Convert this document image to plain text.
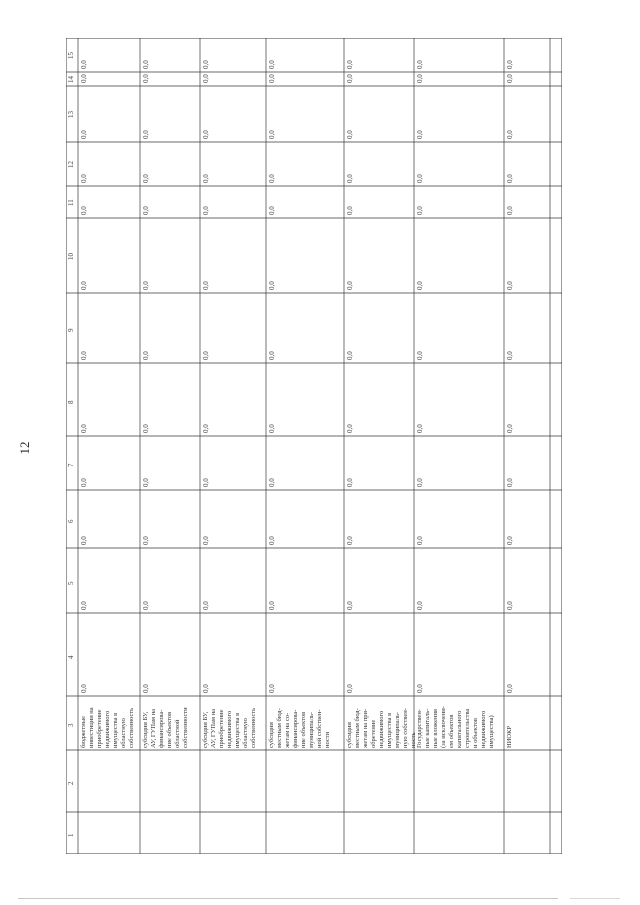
12
1
2
3
4
5
6
7
8
9
10
11
12
13
14
15
бюджетные инвестиции на приобретение недвижимого имущества в областную собственность
0,0
0,0
0,0
0,0
0,0
0,0
0,0
0,0
0,0
0,0
0,0
0,0
субсидии БУ, АУ, ГУПам на финансирова- ние объектов областной собственности
0,0
0,0
0,0
0,0
0,0
0,0
0,0
0,0
0,0
0,0
0,0
0,0
субсидии БУ, АУ, ГУПам на приобретение недвижимого имущества в областную собственность
0,0
0,0
0,0
0,0
0,0
0,0
0,0
0,0
0,0
0,0
0,0
0,0
субсидии местным бюд- жетам на со- финансирова- ние объектов муниципаль- ной собствен- ности
0,0
0,0
0,0
0,0
0,0
0,0
0,0
0,0
0,0
0,0
0,0
0,0
субсидии местным бюд- жетам на при- обретение недвижимого имущества в муниципаль- ную собствен- ность
0,0
0,0
0,0
0,0
0,0
0,0
0,0
0,0
0,0
0,0
0,0
0,0
Государствен- ные капиталь- ные вложения (за исключени- ем объектов капитального строительства и объектов недвижимого имущества)
0,0
0,0
0,0
0,0
0,0
0,0
0,0
0,0
0,0
0,0
0,0
0,0
НИОКР
0,0
0,0
0,0
0,0
0,0
0,0
0,0
0,0
0,0
0,0
0,0
0,0
